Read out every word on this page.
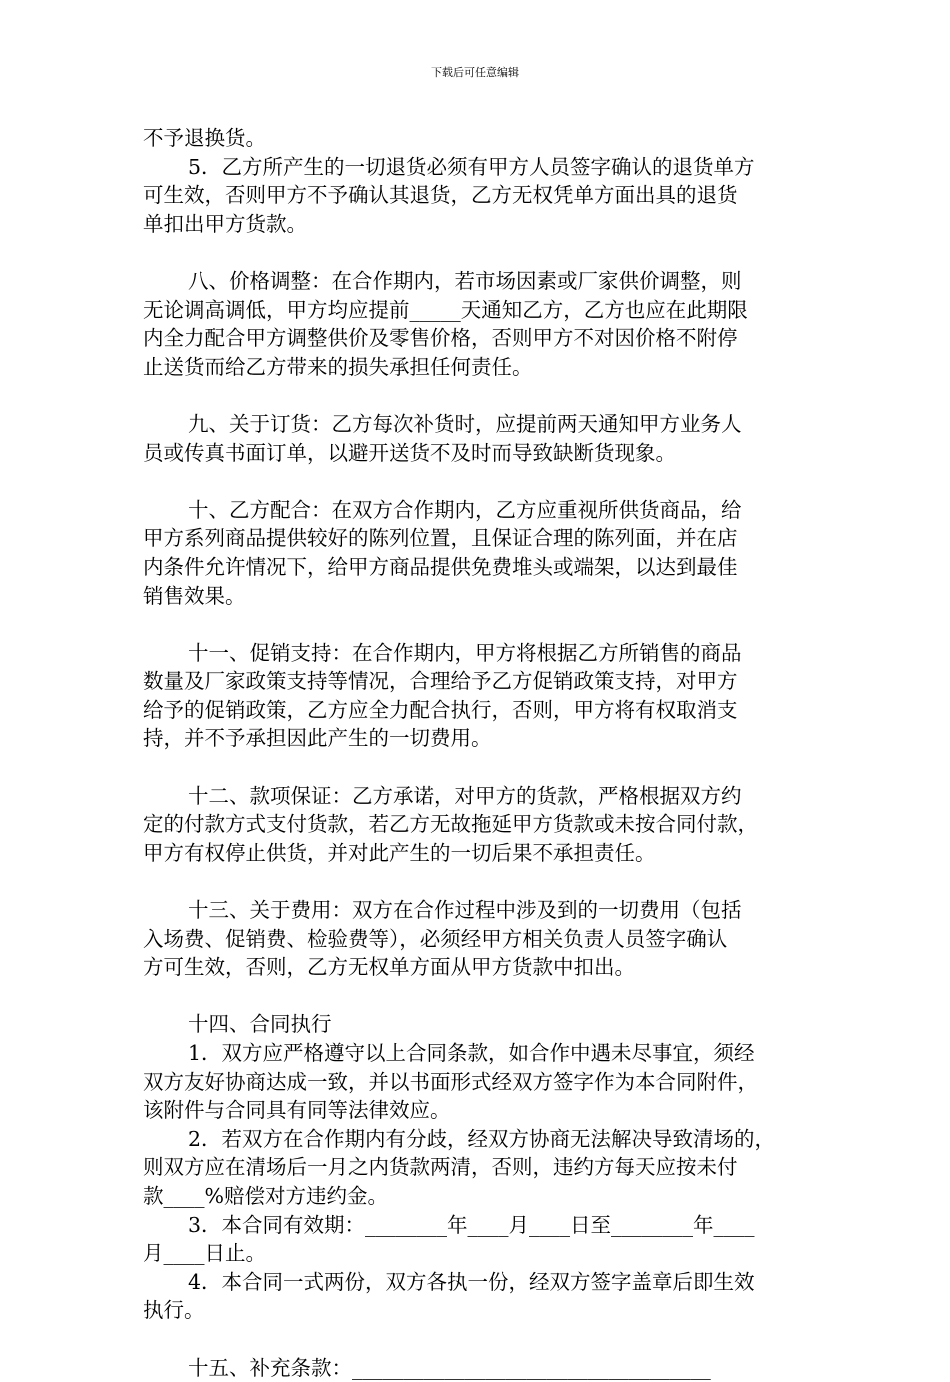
下载后可任意编辑
不予退换货。
5．乙方所产生的一切退货必须有甲方人员签字确认的退货单方
可生效，否则甲方不予确认其退货，乙方无权凭单方面出具的退货
单扣出甲方货款。
八、价格调整：在合作期内，若市场因素或厂家供价调整，则
无论调高调低，甲方均应提前_____天通知乙方，乙方也应在此期限
内全力配合甲方调整供价及零售价格，否则甲方不对因价格不附停
止送货而给乙方带来的损失承担任何责任。
九、关于订货：乙方每次补货时，应提前两天通知甲方业务人
员或传真书面订单，以避开送货不及时而导致缺断货现象。
十、乙方配合：在双方合作期内，乙方应重视所供货商品，给
甲方系列商品提供较好的陈列位置，且保证合理的陈列面，并在店
内条件允许情况下，给甲方商品提供免费堆头或端架，以达到最佳
销售效果。
十一、促销支持：在合作期内，甲方将根据乙方所销售的商品
数量及厂家政策支持等情况，合理给予乙方促销政策支持，对甲方
给予的促销政策，乙方应全力配合执行，否则，甲方将有权取消支
持，并不予承担因此产生的一切费用。
十二、款项保证：乙方承诺，对甲方的货款，严格根据双方约
定的付款方式支付货款，若乙方无故拖延甲方货款或未按合同付款，
甲方有权停止供货，并对此产生的一切后果不承担责任。
十三、关于费用：双方在合作过程中涉及到的一切费用（包括
入场费、促销费、检验费等），必须经甲方相关负责人员签字确认
方可生效，否则，乙方无权单方面从甲方货款中扣出。
十四、合同执行
1．双方应严格遵守以上合同条款，如合作中遇未尽事宜，须经
双方友好协商达成一致，并以书面形式经双方签字作为本合同附件，
该附件与合同具有同等法律效应。
2．若双方在合作期内有分歧，经双方协商无法解决导致清场的，
则双方应在清场后一月之内货款两清，否则，违约方每天应按未付
款____%赔偿对方违约金。
3．本合同有效期：________年____月____日至________年____
月____日止。
4．本合同一式两份，双方各执一份，经双方签字盖章后即生效
执行。
十五、补充条款：___________________________________
